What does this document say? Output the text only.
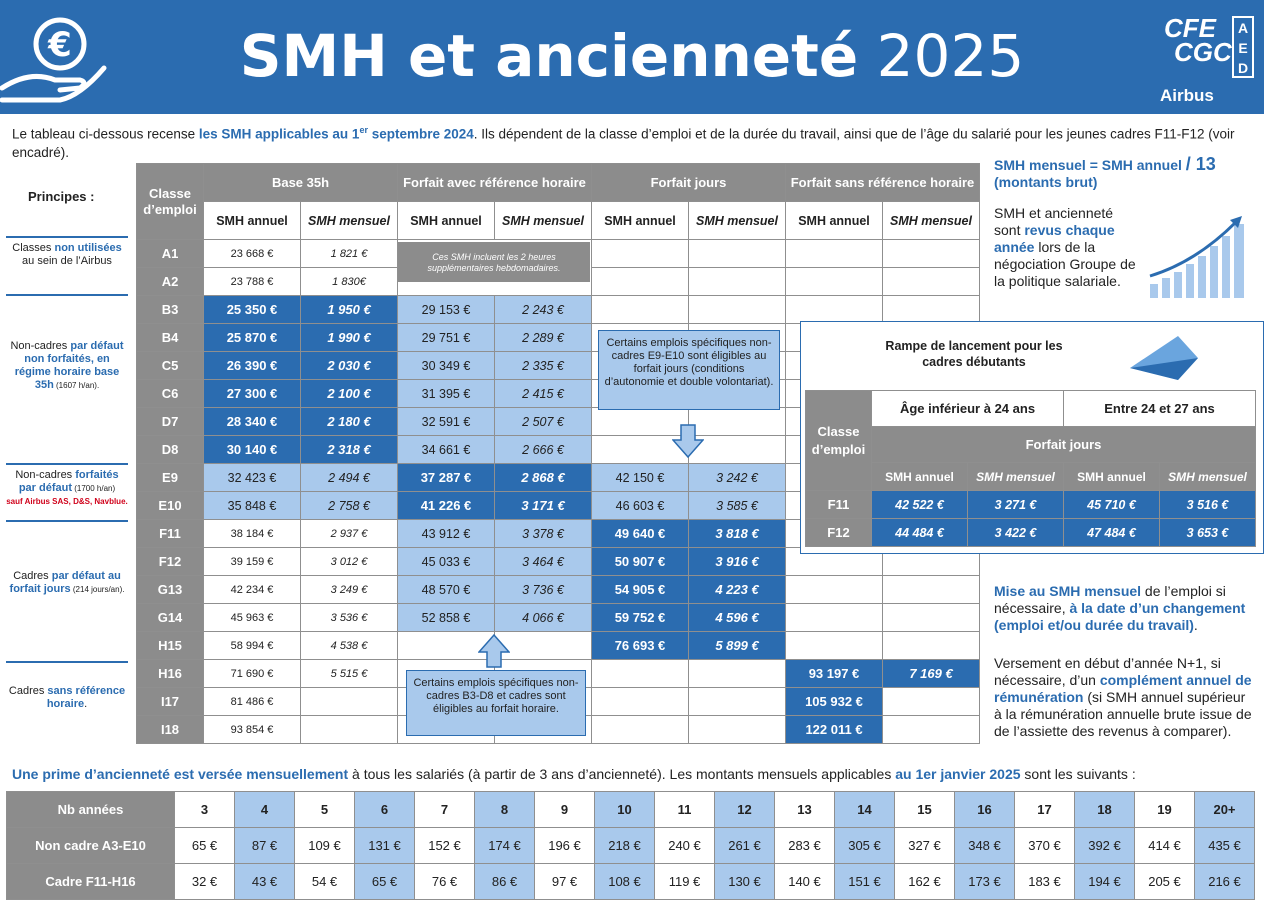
€	SMH et ancienneté 2025	CFE
CGC
AED
Airbus
Le tableau ci-dessous recense les SMH applicables au 1er septembre 2024. Ils dépendent de la classe d’emploi et de la durée du travail, ainsi que de l’âge du salarié pour les jeunes cadres F11-F12 (voir encadré).
Principes :
Classes non utilisées au sein de l’Airbus
Non-cadres par défaut non forfaités, en régime horaire base 35h (1607 h/an).
Non-cadres forfaités par défaut (1700 h/an)
sauf Airbus SAS, D&S, Navblue.
Cadres par défaut au forfait jours (214 jours/an).
Cadres sans référence horaire.
Classe d’emploi	Base 35h		Forfait avec référence horaire		Forfait jours		Forfait sans référence horaire	
	SMH annuel	SMH mensuel	SMH annuel	SMH mensuel	SMH annuel	SMH mensuel	SMH annuel	SMH mensuel
A1	23 668 €	1 821 €						
A2	23 788 €	1 830€						
B3	25 350 €	1 950 €	29 153 €	2 243 €				
B4	25 870 €	1 990 €	29 751 €	2 289 €				
C5	26 390 €	2 030 €	30 349 €	2 335 €				
C6	27 300 €	2 100 €	31 395 €	2 415 €				
D7	28 340 €	2 180 €	32 591 €	2 507 €				
D8	30 140 €	2 318 €	34 661 €	2 666 €				
E9	32 423 €	2 494 €	37 287 €	2 868 €	42 150 €	3 242 €		
E10	35 848 €	2 758 €	41 226 €	3 171 €	46 603 €	3 585 €		
F11	38 184 €	2 937 €	43 912 €	3 378 €	49 640 €	3 818 €		
F12	39 159 €	3 012 €	45 033 €	3 464 €	50 907 €	3 916 €		
G13	42 234 €	3 249 €	48 570 €	3 736 €	54 905 €	4 223 €		
G14	45 963 €	3 536 €	52 858 €	4 066 €	59 752 €	4 596 €		
H15	58 994 €	4 538 €			76 693 €	5 899 €		
H16	71 690 €	5 515 €					93 197 €	7 169 €
I17	81 486 €						105 932 €	
I18	93 854 €						122 011 €	
Ces SMH incluent les 2 heures supplémentaires hebdomadaires.
Certains emplois spécifiques non-cadres E9-E10 sont éligibles au forfait jours (conditions d’autonomie et double volontariat).
Certains emplois spécifiques non-cadres B3-D8 et cadres sont éligibles au forfait horaire.
SMH mensuel = SMH annuel / 13
(montants brut)
SMH et ancienneté sont revus chaque année lors de la négociation Groupe de la politique salariale.
Rampe de lancement pour les cadres débutants
Classe d’emploi	Âge inférieur à 24 ans		Entre 24 et 27 ans	
	Forfait jours			
	SMH annuel	SMH mensuel	SMH annuel	SMH mensuel
F11	42 522 €	3 271 €	45 710 €	3 516 €
F12	44 484 €	3 422 €	47 484 €	3 653 €
Mise au SMH mensuel de l’emploi si nécessaire, à la date d’un changement (emploi et/ou durée du travail).
Versement en début d’année N+1, si nécessaire, d’un complément annuel de rémunération (si SMH annuel supérieur à la rémunération annuelle brute issue de de l’assiette des revenus à comparer).
Une prime d’ancienneté est versée mensuellement à tous les salariés (à partir de 3 ans d’ancienneté). Les montants mensuels applicables au 1er janvier 2025 sont les suivants :
Nb années	3	4	5	6	7	8	9	10	11	12	13	14	15	16	17	18	19	20+
Non cadre A3-E10	65 €	87 €	109 €	131 €	152 €	174 €	196 €	218 €	240 €	261 €	283 €	305 €	327 €	348 €	370 €	392 €	414 €	435 €
Cadre F11-H16	32 €	43 €	54 €	65 €	76 €	86 €	97 €	108 €	119 €	130 €	140 €	151 €	162 €	173 €	183 €	194 €	205 €	216 €
